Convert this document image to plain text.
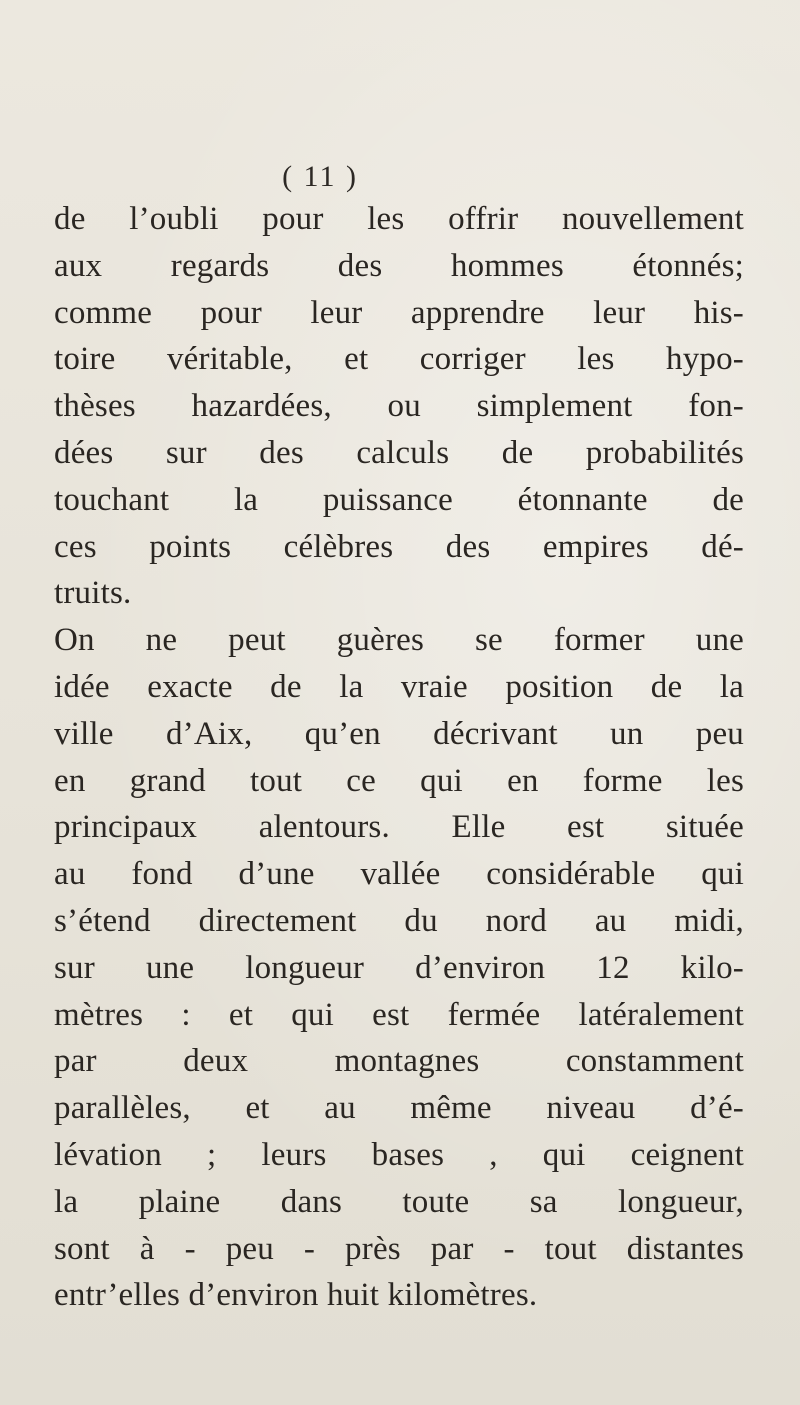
( 11 )
de l’oubli pour les offrir nouvellement
aux regards des hommes étonnés;
comme pour leur apprendre leur his-
toire véritable, et corriger les hypo-
thèses hazardées, ou simplement fon-
dées sur des calculs de probabilités
touchant la puissance étonnante de
ces points célèbres des empires dé-
truits.
On ne peut guères se former une
idée exacte de la vraie position de la
ville d’Aix, qu’en décrivant un peu
en grand tout ce qui en forme les
principaux alentours. Elle est située
au fond d’une vallée considérable qui
s’étend directement du nord au midi,
sur une longueur d’environ 12 kilo-
mètres : et qui est fermée latéralement
par deux montagnes constamment
parallèles, et au même niveau d’é-
lévation ; leurs bases , qui ceignent
la plaine dans toute sa longueur,
sont à - peu - près par - tout distantes
entr’elles d’environ huit kilomètres.
